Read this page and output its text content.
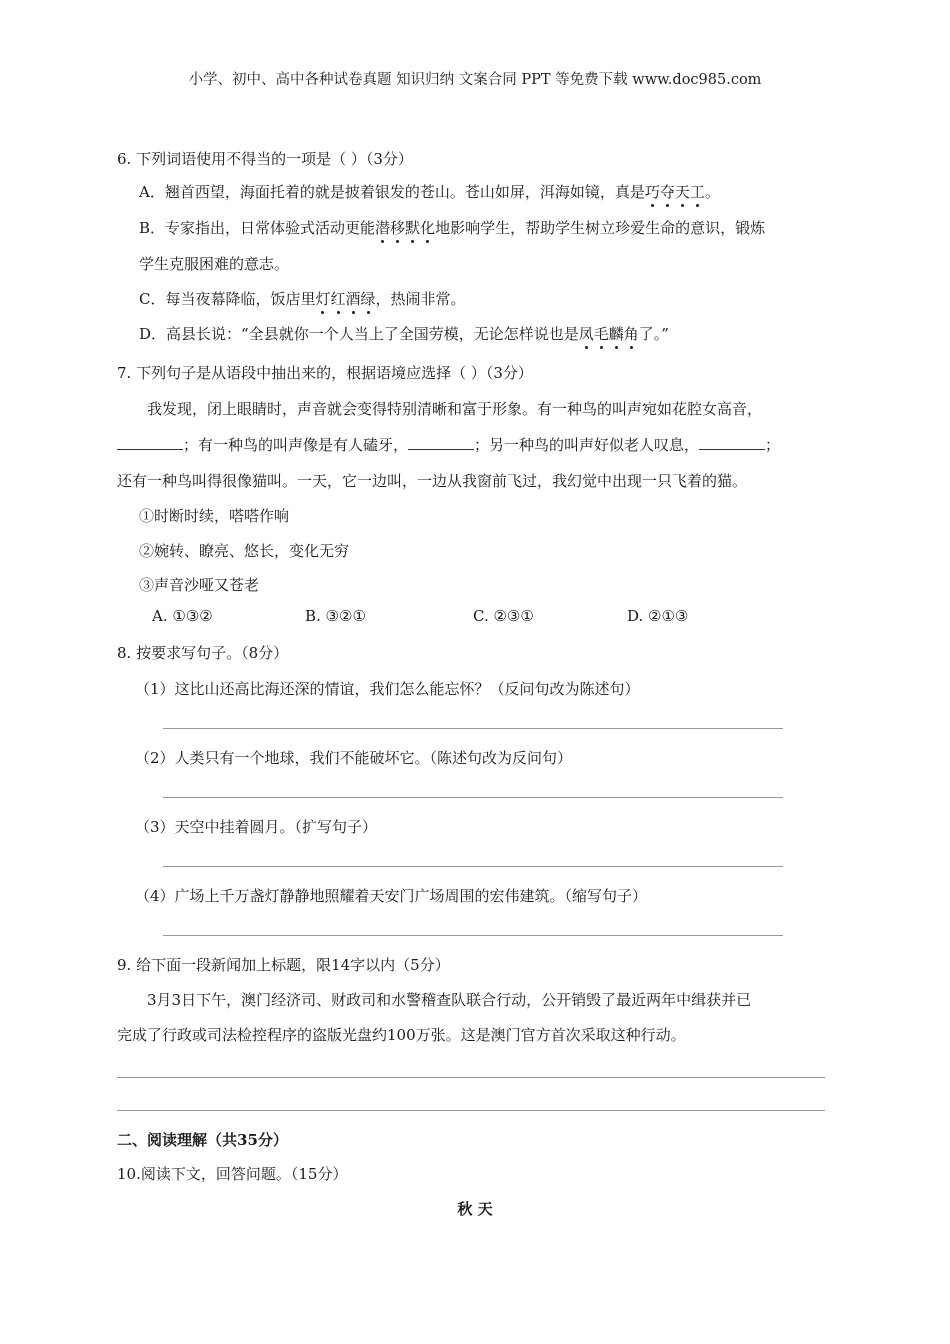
小学、初中、高中各种试卷真题 知识归纳 文案合同 PPT 等免费下载 www.doc985.com
6. 下列词语使用不得当的一项是（ ）（3分）
A．翘首西望，海面托着的就是披着银发的苍山。苍山如屏，洱海如镜，真是巧夺天工。
B．专家指出，日常体验式活动更能潜移默化地影响学生，帮助学生树立珍爱生命的意识，锻炼
学生克服困难的意志。
C．每当夜幕降临，饭店里灯红酒绿，热闹非常。
D．高县长说：“全县就你一个人当上了全国劳模，无论怎样说也是凤毛麟角了。”
7. 下列句子是从语段中抽出来的，根据语境应选择（ ）（3分）
我发现，闭上眼睛时，声音就会变得特别清晰和富于形象。有一种鸟的叫声宛如花腔女高音，
；有一种鸟的叫声像是有人磕牙，	；另一种鸟的叫声好似老人叹息，	；
还有一种鸟叫得很像猫叫。一天，它一边叫，一边从我窗前飞过，我幻觉中出现一只飞着的猫。
①时断时续，嗒嗒作响
②婉转、瞭亮、悠长，变化无穷
③声音沙哑又苍老
A. ①③②	B. ③②①	C. ②③①	D. ②①③
8. 按要求写句子。（8分）
（1）这比山还高比海还深的情谊，我们怎么能忘怀？（反问句改为陈述句）
（2）人类只有一个地球，我们不能破坏它。（陈述句改为反问句）
（3）天空中挂着圆月。（扩写句子）
（4）广场上千万盏灯静静地照耀着天安门广场周围的宏伟建筑。（缩写句子）
9. 给下面一段新闻加上标题，限14字以内（5分）
3月3日下午，澳门经济司、财政司和水警稽查队联合行动，公开销毁了最近两年中缉获并已
完成了行政或司法检控程序的盗版光盘约100万张。这是澳门官方首次采取这种行动。
二、阅读理解（共35分）
10.阅读下文，回答问题。（15分）
秋 天
